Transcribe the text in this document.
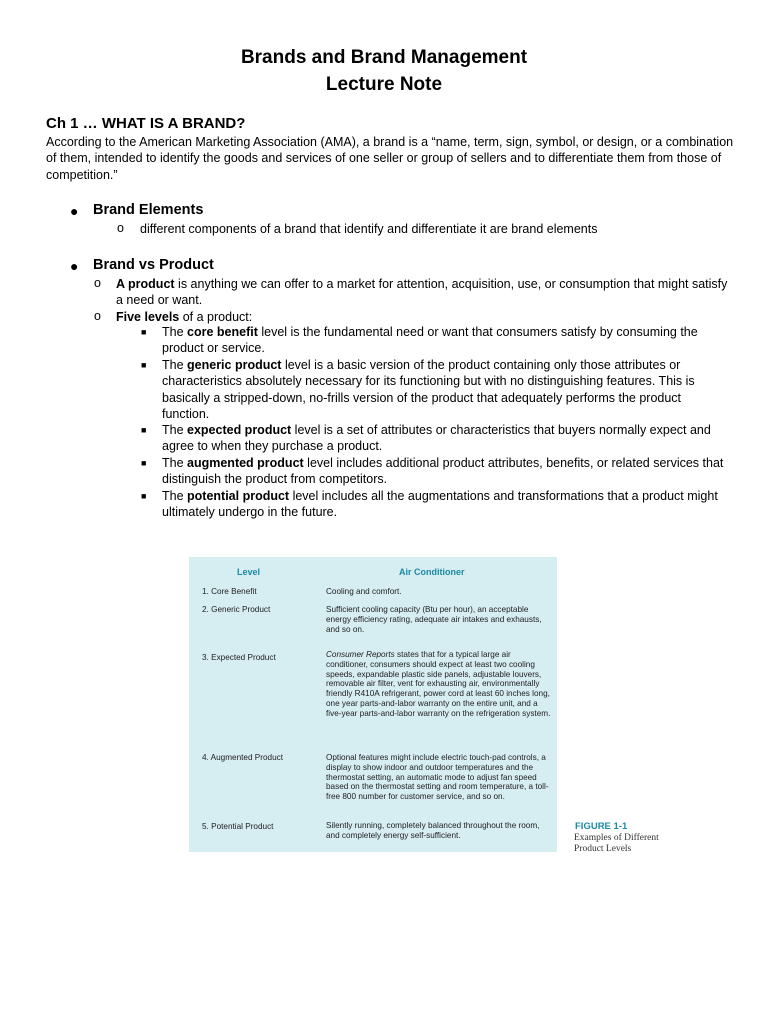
Brands and Brand Management
Lecture Note
Ch 1 … WHAT IS A BRAND?
According to the American Marketing Association (AMA), a brand is a “name, term, sign, symbol, or design, or a combination of them, intended to identify the goods and services of one seller or group of sellers and to differentiate them from those of competition.”
● Brand Elements
o different components of a brand that identify and differentiate it are brand elements
● Brand vs Product
o A product is anything we can offer to a market for attention, acquisition, use, or consumption that might satisfy a need or want.
o Five levels of a product:
■ The core benefit level is the fundamental need or want that consumers satisfy by consuming the product or service.
■ The generic product level is a basic version of the product containing only those attributes or characteristics absolutely necessary for its functioning but with no distinguishing features. This is basically a stripped-down, no-frills version of the product that adequately performs the product function.
■ The expected product level is a set of attributes or characteristics that buyers normally expect and agree to when they purchase a product.
■ The augmented product level includes additional product attributes, benefits, or related services that distinguish the product from competitors.
■ The potential product level includes all the augmentations and transformations that a product might ultimately undergo in the future.
Level	Air Conditioner
1. Core Benefit	Cooling and comfort.
2. Generic Product	Sufficient cooling capacity (Btu per hour), an acceptable energy efficiency rating, adequate air intakes and exhausts, and so on.
3. Expected Product	Consumer Reports states that for a typical large air conditioner, consumers should expect at least two cooling speeds, expandable plastic side panels, adjustable louvers, removable air filter, vent for exhausting air, environmentally friendly R410A refrigerant, power cord at least 60 inches long, one year parts-and-labor warranty on the entire unit, and a five-year parts-and-labor warranty on the refrigeration system.
4. Augmented Product	Optional features might include electric touch-pad controls, a display to show indoor and outdoor temperatures and the thermostat setting, an automatic mode to adjust fan speed based on the thermostat setting and room temperature, a toll-free 800 number for customer service, and so on.
5. Potential Product	Silently running, completely balanced throughout the room, and completely energy self-sufficient.
FIGURE 1-1
Examples of Different Product Levels
